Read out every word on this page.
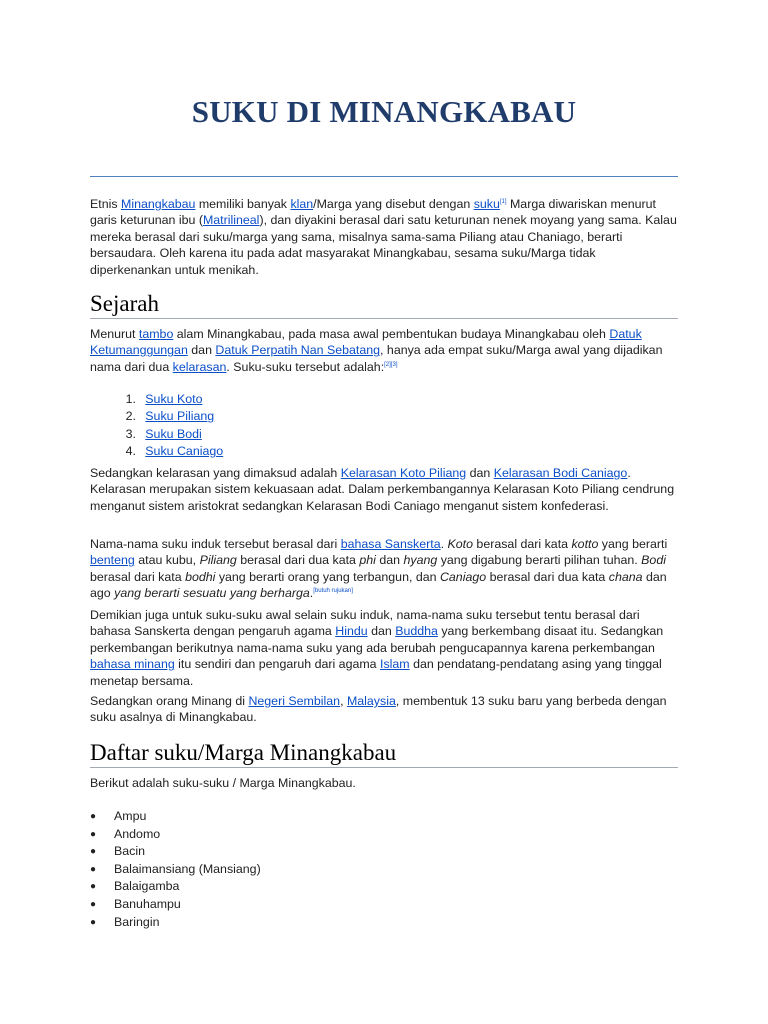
SUKU DI MINANGKABAU

Etnis Minangkabau memiliki banyak klan/Marga yang disebut dengan suku[1] Marga diwariskan menurut garis keturunan ibu (Matrilineal), dan diyakini berasal dari satu keturunan nenek moyang yang sama. Kalau mereka berasal dari suku/marga yang sama, misalnya sama-sama Piliang atau Chaniago, berarti bersaudara. Oleh karena itu pada adat masyarakat Minangkabau, sesama suku/Marga tidak diperkenankan untuk menikah.

Sejarah

Menurut tambo alam Minangkabau, pada masa awal pembentukan budaya Minangkabau oleh Datuk Ketumanggungan dan Datuk Perpatih Nan Sebatang, hanya ada empat suku/Marga awal yang dijadikan nama dari dua kelarasan. Suku-suku tersebut adalah:[2][3]

1. Suku Koto
2. Suku Piliang
3. Suku Bodi
4. Suku Caniago

Sedangkan kelarasan yang dimaksud adalah Kelarasan Koto Piliang dan Kelarasan Bodi Caniago. Kelarasan merupakan sistem kekuasaan adat. Dalam perkembangannya Kelarasan Koto Piliang cendrung menganut sistem aristokrat sedangkan Kelarasan Bodi Caniago menganut sistem konfederasi.

Nama-nama suku induk tersebut berasal dari bahasa Sanskerta. Koto berasal dari kata kotto yang berarti benteng atau kubu, Piliang berasal dari dua kata phi dan hyang yang digabung berarti pilihan tuhan. Bodi berasal dari kata bodhi yang berarti orang yang terbangun, dan Caniago berasal dari dua kata chana dan ago yang berarti sesuatu yang berharga.[butuh rujukan]

Demikian juga untuk suku-suku awal selain suku induk, nama-nama suku tersebut tentu berasal dari bahasa Sanskerta dengan pengaruh agama Hindu dan Buddha yang berkembang disaat itu. Sedangkan perkembangan berikutnya nama-nama suku yang ada berubah pengucapannya karena perkembangan bahasa minang itu sendiri dan pengaruh dari agama Islam dan pendatang-pendatang asing yang tinggal menetap bersama.

Sedangkan orang Minang di Negeri Sembilan, Malaysia, membentuk 13 suku baru yang berbeda dengan suku asalnya di Minangkabau.

Daftar suku/Marga Minangkabau

Berikut adalah suku-suku / Marga Minangkabau.

●	Ampu
●	Andomo
●	Bacin
●	Balaimansiang (Mansiang)
●	Balaigamba
●	Banuhampu
●	Baringin
